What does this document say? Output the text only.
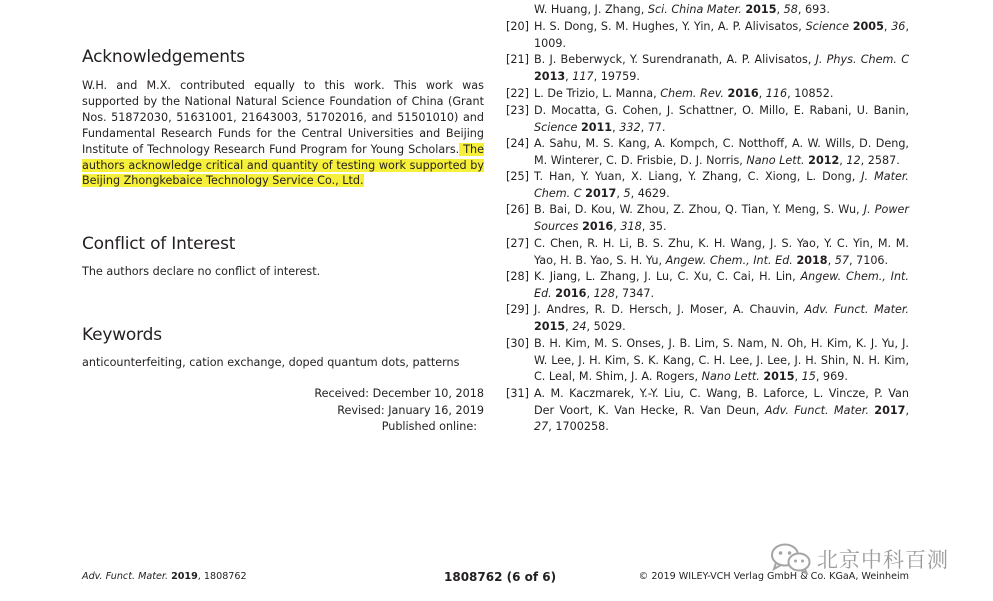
Acknowledgements
W.H. and M.X. contributed equally to this work. This work was supported by the National Natural Science Foundation of China (Grant Nos. 51872030, 51631001, 21643003, 51702016, and 51501010) and Fundamental Research Funds for the Central Universities and Beijing Institute of Technology Research Fund Program for Young Scholars. The authors acknowledge critical and quantity of testing work supported by Beijing Zhongkebaice Technology Service Co., Ltd.
Conflict of Interest
The authors declare no conflict of interest.
Keywords
anticounterfeiting, cation exchange, doped quantum dots, patterns
Received: December 10, 2018
Revised: January 16, 2019
Published online:
W. Huang, J. Zhang, Sci. China Mater. 2015, 58, 693.
[20] H. S. Dong, S. M. Hughes, Y. Yin, A. P. Alivisatos, Science 2005, 36, 1009.
[21] B. J. Beberwyck, Y. Surendranath, A. P. Alivisatos, J. Phys. Chem. C 2013, 117, 19759.
[22] L. De Trizio, L. Manna, Chem. Rev. 2016, 116, 10852.
[23] D. Mocatta, G. Cohen, J. Schattner, O. Millo, E. Rabani, U. Banin, Science 2011, 332, 77.
[24] A. Sahu, M. S. Kang, A. Kompch, C. Notthoff, A. W. Wills, D. Deng, M. Winterer, C. D. Frisbie, D. J. Norris, Nano Lett. 2012, 12, 2587.
[25] T. Han, Y. Yuan, X. Liang, Y. Zhang, C. Xiong, L. Dong, J. Mater. Chem. C 2017, 5, 4629.
[26] B. Bai, D. Kou, W. Zhou, Z. Zhou, Q. Tian, Y. Meng, S. Wu, J. Power Sources 2016, 318, 35.
[27] C. Chen, R. H. Li, B. S. Zhu, K. H. Wang, J. S. Yao, Y. C. Yin, M. M. Yao, H. B. Yao, S. H. Yu, Angew. Chem., Int. Ed. 2018, 57, 7106.
[28] K. Jiang, L. Zhang, J. Lu, C. Xu, C. Cai, H. Lin, Angew. Chem., Int. Ed. 2016, 128, 7347.
[29] J. Andres, R. D. Hersch, J. Moser, A. Chauvin, Adv. Funct. Mater. 2015, 24, 5029.
[30] B. H. Kim, M. S. Onses, J. B. Lim, S. Nam, N. Oh, H. Kim, K. J. Yu, J. W. Lee, J. H. Kim, S. K. Kang, C. H. Lee, J. Lee, J. H. Shin, N. H. Kim, C. Leal, M. Shim, J. A. Rogers, Nano Lett. 2015, 15, 969.
[31] A. M. Kaczmarek, Y.-Y. Liu, C. Wang, B. Laforce, L. Vincze, P. Van Der Voort, K. Van Hecke, R. Van Deun, Adv. Funct. Mater. 2017, 27, 1700258.
Adv. Funct. Mater. 2019, 1808762	1808762 (6 of 6)	© 2019 WILEY-VCH Verlag GmbH & Co. KGaA, Weinheim
北京中科百测
